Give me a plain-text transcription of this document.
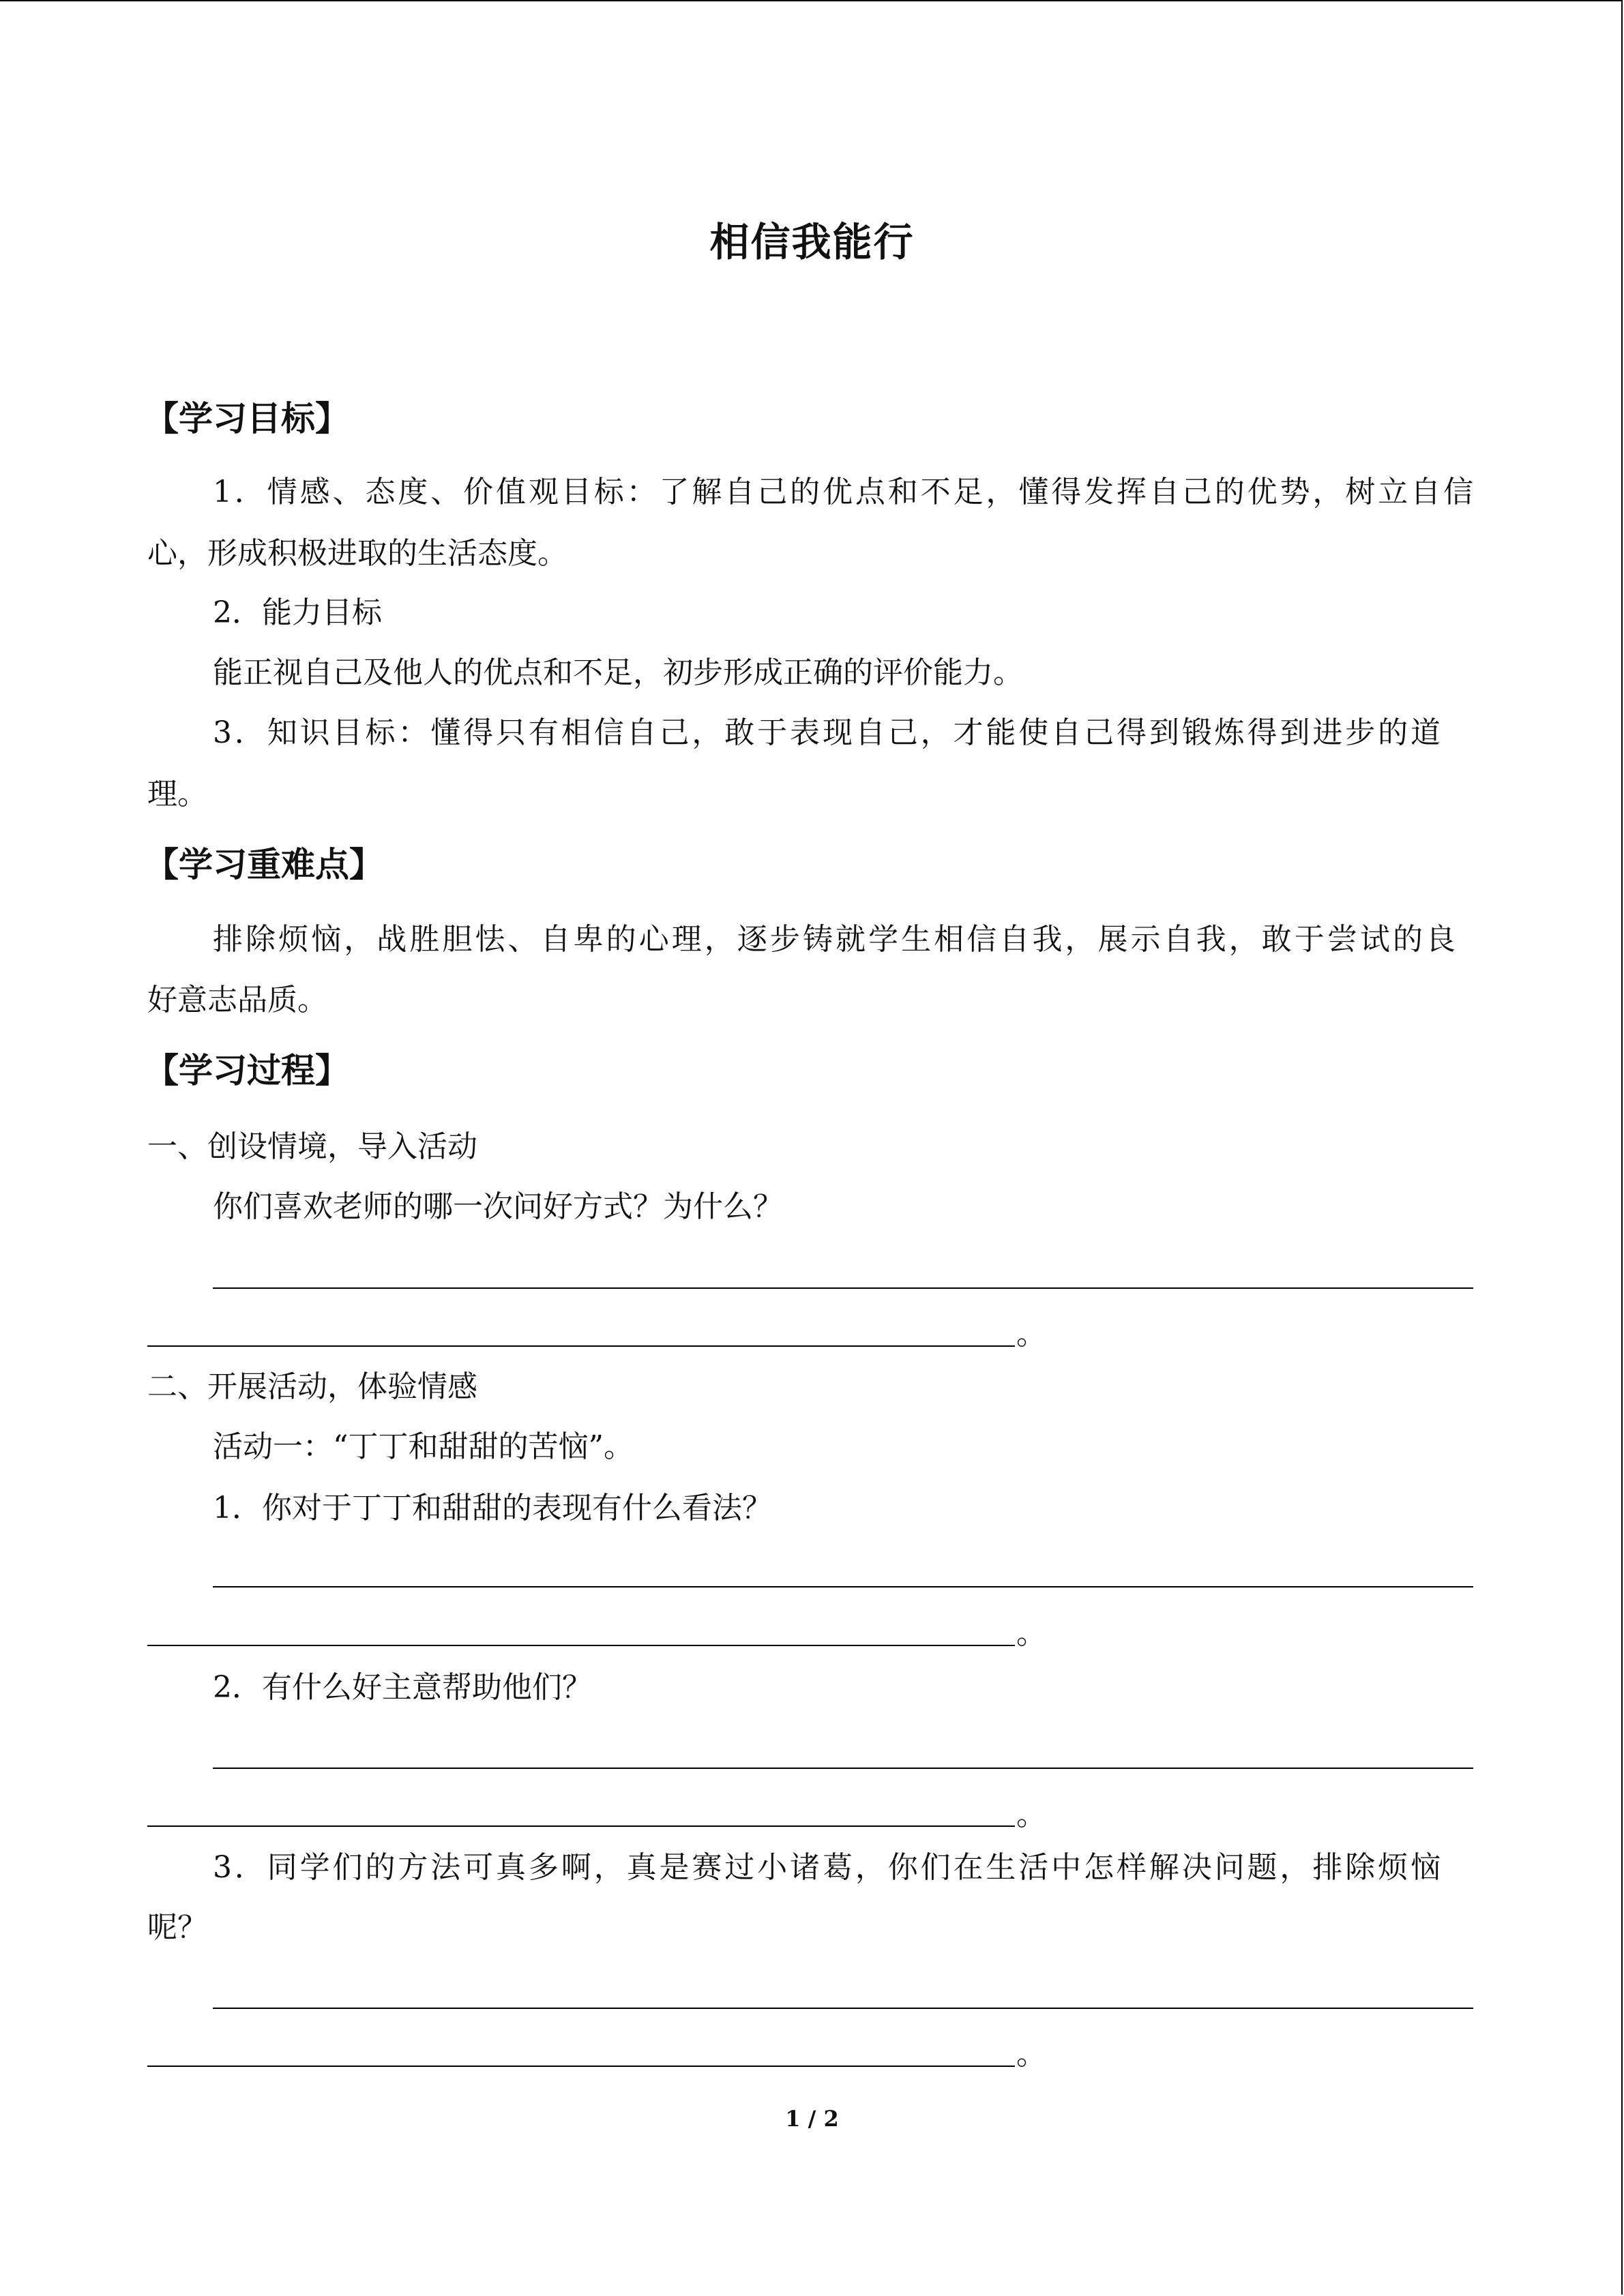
相信我能行
【学习目标】
1．情感、态度、价值观目标：了解自己的优点和不足，懂得发挥自己的优势，树立自信
心，形成积极进取的生活态度。
2．能力目标
能正视自己及他人的优点和不足，初步形成正确的评价能力。
3．知识目标：懂得只有相信自己，敢于表现自己，才能使自己得到锻炼得到进步的道
理。
【学习重难点】
排除烦恼，战胜胆怯、自卑的心理，逐步铸就学生相信自我，展示自我，敢于尝试的良
好意志品质。
【学习过程】
一、创设情境，导入活动
你们喜欢老师的哪一次问好方式？为什么？
。
二、开展活动，体验情感
活动一：“丁丁和甜甜的苦恼”。
1．你对于丁丁和甜甜的表现有什么看法？
。
2．有什么好主意帮助他们？
。
3．同学们的方法可真多啊，真是赛过小诸葛，你们在生活中怎样解决问题，排除烦恼
呢？
。
1 / 2
